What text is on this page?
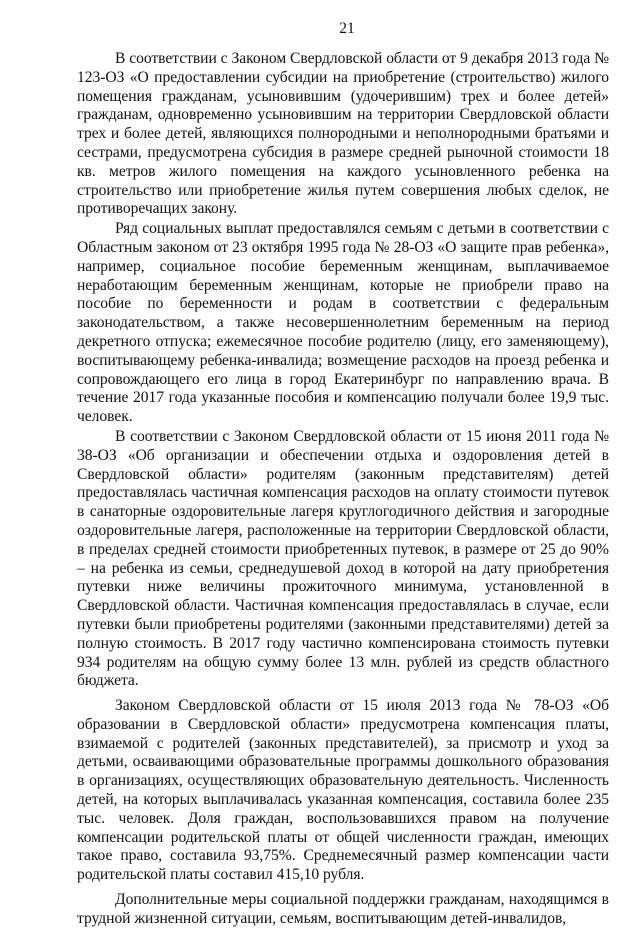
21

В соответствии с Законом Свердловской области от 9 декабря 2013 года № 123-ОЗ «О предоставлении субсидии на приобретение (строительство) жилого помещения гражданам, усыновившим (удочерившим) трех и более детей» гражданам, одновременно усыновившим на территории Свердловской области трех и более детей, являющихся полнородными и неполнородными братьями и сестрами, предусмотрена субсидия в размере средней рыночной стоимости 18 кв. метров жилого помещения на каждого усыновленного ребенка на строительство или приобретение жилья путем совершения любых сделок, не противоречащих закону.

Ряд социальных выплат предоставлялся семьям с детьми в соответствии с Областным законом от 23 октября 1995 года № 28-ОЗ «О защите прав ребенка», например, социальное пособие беременным женщинам, выплачиваемое неработающим беременным женщинам, которые не приобрели право на пособие по беременности и родам в соответствии с федеральным законодательством, а также несовершеннолетним беременным на период декретного отпуска; ежемесячное пособие родителю (лицу, его заменяющему), воспитывающему ребенка-инвалида; возмещение расходов на проезд ребенка и сопровождающего его лица в город Екатеринбург по направлению врача. В течение 2017 года указанные пособия и компенсацию получали более 19,9 тыс. человек.

В соответствии с Законом Свердловской области от 15 июня 2011 года № 38-ОЗ «Об организации и обеспечении отдыха и оздоровления детей в Свердловской области» родителям (законным представителям) детей предоставлялась частичная компенсация расходов на оплату стоимости путевок в санаторные оздоровительные лагеря круглогодичного действия и загородные оздоровительные лагеря, расположенные на территории Свердловской области, в пределах средней стоимости приобретенных путевок, в размере от 25 до 90% – на ребенка из семьи, среднедушевой доход в которой на дату приобретения путевки ниже величины прожиточного минимума, установленной в Свердловской области. Частичная компенсация предоставлялась в случае, если путевки были приобретены родителями (законными представителями) детей за полную стоимость. В 2017 году частично компенсирована стоимость путевки 934 родителям на общую сумму более 13 млн. рублей из средств областного бюджета.

Законом Свердловской области от 15 июля 2013 года № 78-ОЗ «Об образовании в Свердловской области» предусмотрена компенсация платы, взимаемой с родителей (законных представителей), за присмотр и уход за детьми, осваивающими образовательные программы дошкольного образования в организациях, осуществляющих образовательную деятельность. Численность детей, на которых выплачивалась указанная компенсация, составила более 235 тыс. человек. Доля граждан, воспользовавшихся правом на получение компенсации родительской платы от общей численности граждан, имеющих такое право, составила 93,75%. Среднемесячный размер компенсации части родительской платы составил 415,10 рубля.

Дополнительные меры социальной поддержки гражданам, находящимся в трудной жизненной ситуации, семьям, воспитывающим детей-инвалидов,
